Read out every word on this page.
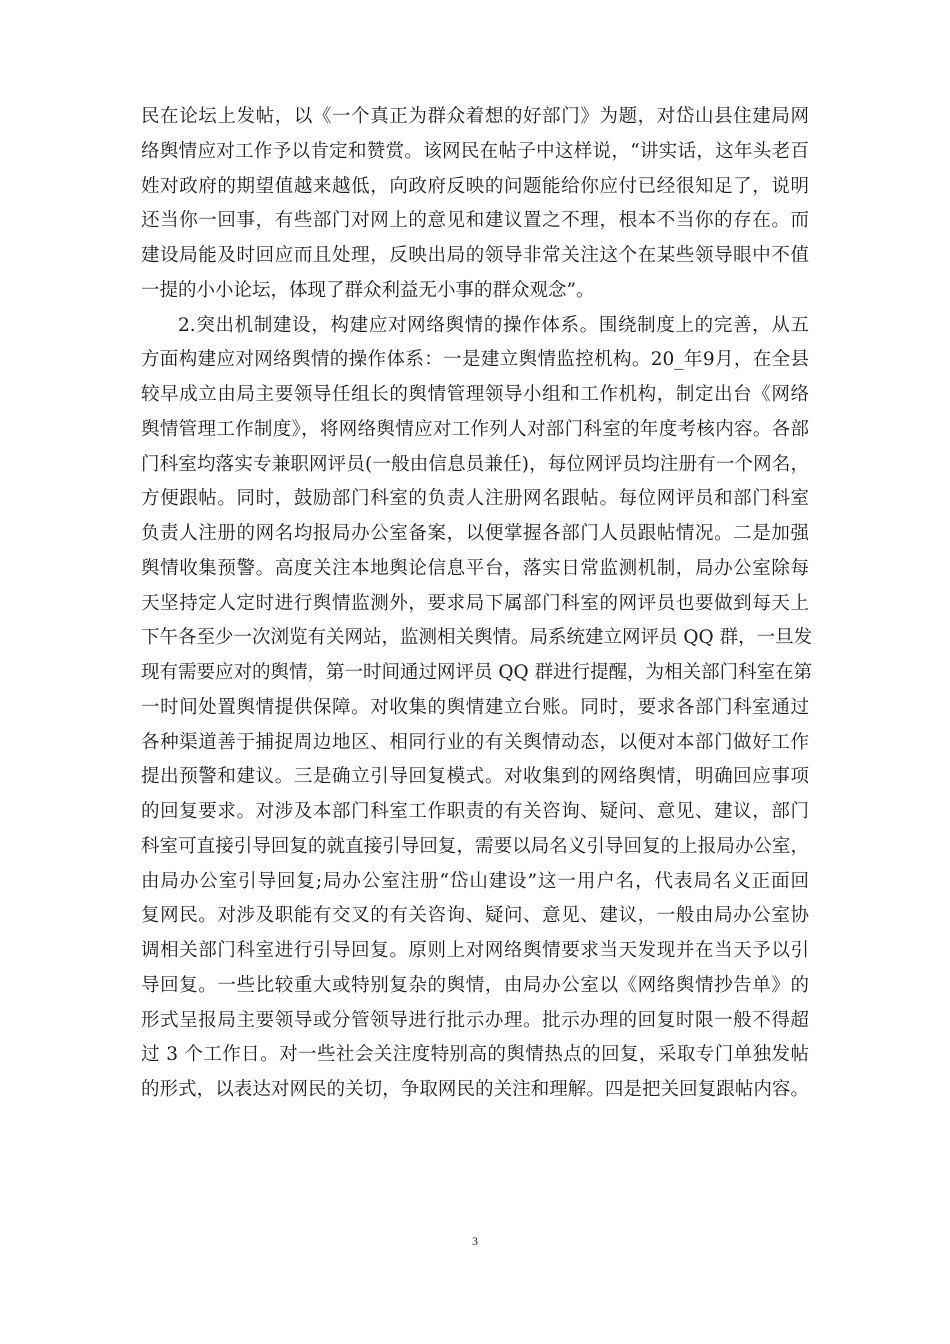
民在论坛上发帖，以《一个真正为群众着想的好部门》为题，对岱山县住建局网
络舆情应对工作予以肯定和赞赏。该网民在帖子中这样说，“讲实话，这年头老百
姓对政府的期望值越来越低，向政府反映的问题能给你应付已经很知足了，说明
还当你一回事，有些部门对网上的意见和建议置之不理，根本不当你的存在。而
建设局能及时回应而且处理，反映出局的领导非常关注这个在某些领导眼中不值
一提的小小论坛，体现了群众利益无小事的群众观念”。
2.突出机制建设，构建应对网络舆情的操作体系。围绕制度上的完善，从五
方面构建应对网络舆情的操作体系：一是建立舆情监控机构。20_年9月，在全县
较早成立由局主要领导任组长的舆情管理领导小组和工作机构，制定出台《网络
舆情管理工作制度》，将网络舆情应对工作列人对部门科室的年度考核内容。各部
门科室均落实专兼职网评员(一般由信息员兼任)，每位网评员均注册有一个网名，
方便跟帖。同时，鼓励部门科室的负责人注册网名跟帖。每位网评员和部门科室
负责人注册的网名均报局办公室备案，以便掌握各部门人员跟帖情况。二是加强
舆情收集预警。高度关注本地舆论信息平台，落实日常监测机制，局办公室除每
天坚持定人定时进行舆情监测外，要求局下属部门科室的网评员也要做到每天上
下午各至少一次浏览有关网站，监测相关舆情。局系统建立网评员 QQ 群，一旦发
现有需要应对的舆情，第一时间通过网评员 QQ 群进行提醒，为相关部门科室在第
一时间处置舆情提供保障。对收集的舆情建立台账。同时，要求各部门科室通过
各种渠道善于捕捉周边地区、相同行业的有关舆情动态，以便对本部门做好工作
提出预警和建议。三是确立引导回复模式。对收集到的网络舆情，明确回应事项
的回复要求。对涉及本部门科室工作职责的有关咨询、疑问、意见、建议，部门
科室可直接引导回复的就直接引导回复，需要以局名义引导回复的上报局办公室，
由局办公室引导回复;局办公室注册“岱山建设”这一用户名，代表局名义正面回
复网民。对涉及职能有交叉的有关咨询、疑问、意见、建议，一般由局办公室协
调相关部门科室进行引导回复。原则上对网络舆情要求当天发现并在当天予以引
导回复。一些比较重大或特别复杂的舆情，由局办公室以《网络舆情抄告单》的
形式呈报局主要领导或分管领导进行批示办理。批示办理的回复时限一般不得超
过 3 个工作日。对一些社会关注度特别高的舆情热点的回复，采取专门单独发帖
的形式，以表达对网民的关切，争取网民的关注和理解。四是把关回复跟帖内容。
3
